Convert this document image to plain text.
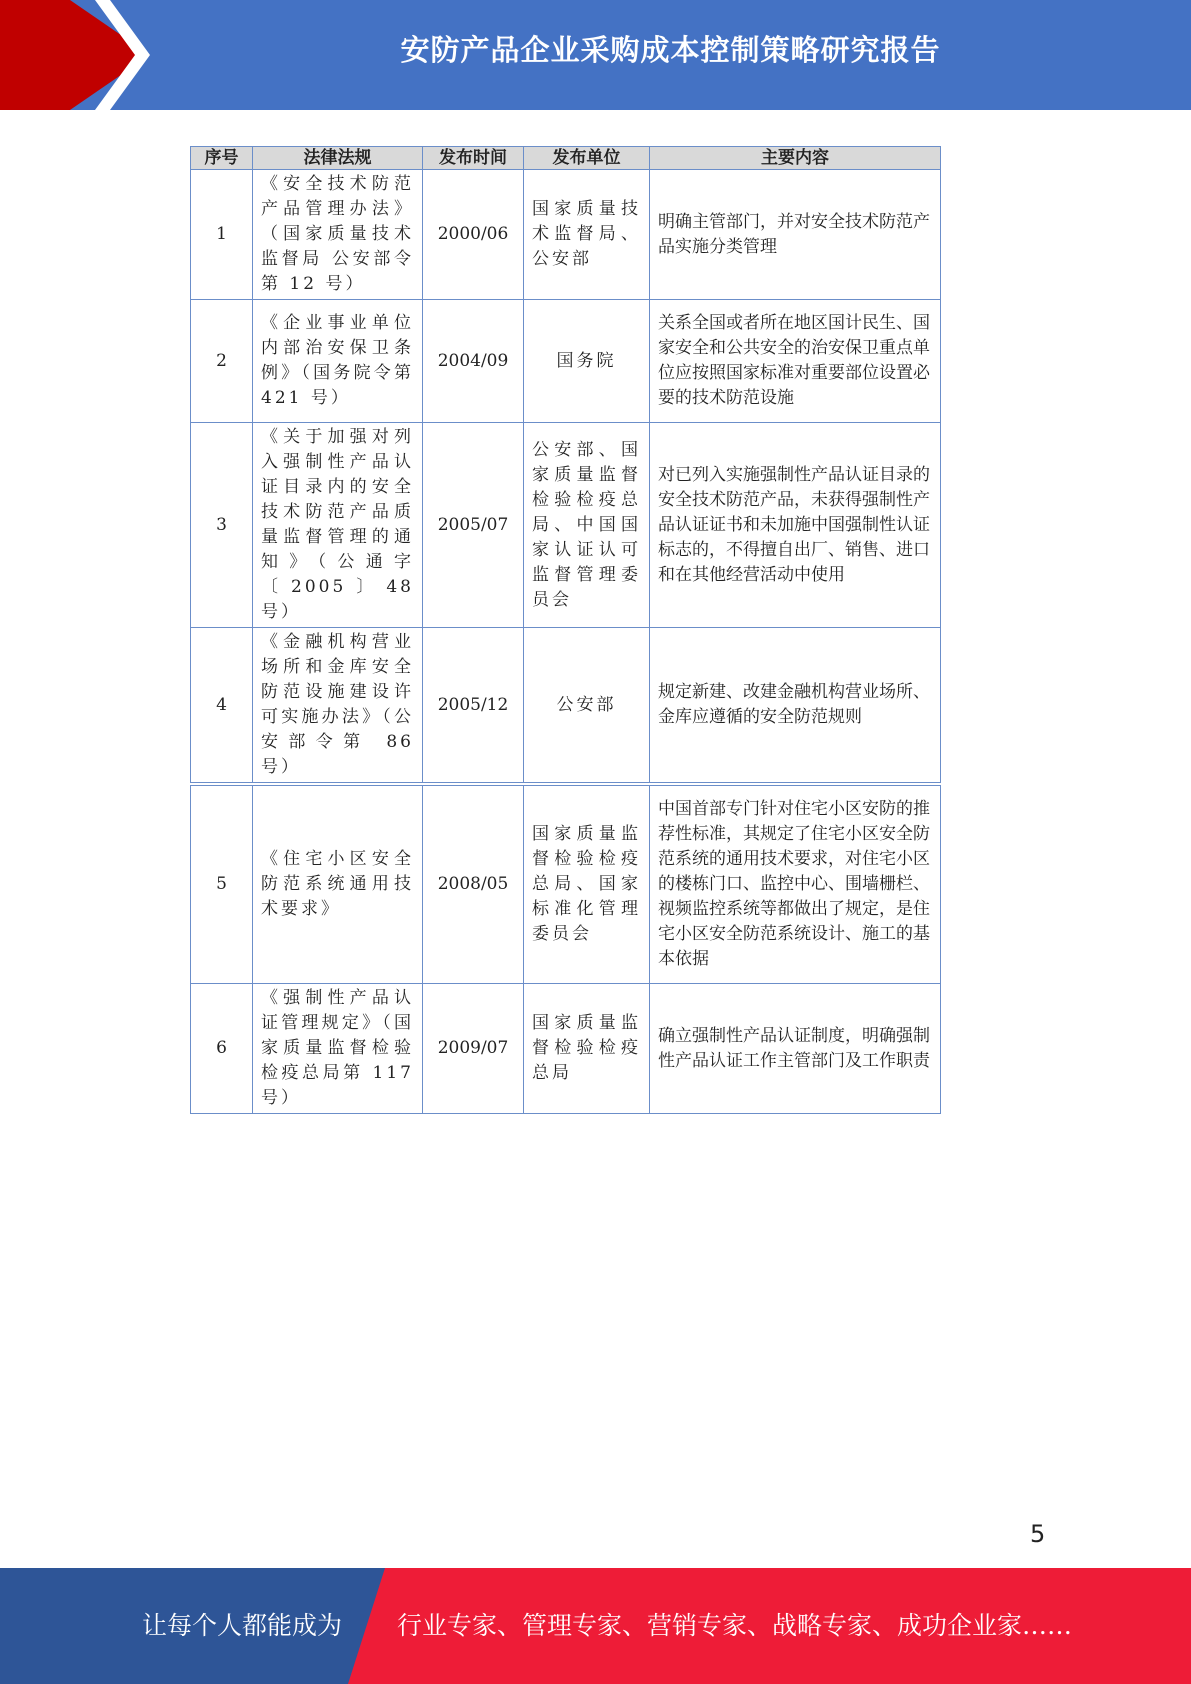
安防产品企业采购成本控制策略研究报告
序号	法律法规	发布时间	发布单位	主要内容
1	《安全技术防范产品管理办法》（国家质量技术监督局 公安部令第 12 号）	2000/06	国家质量技术监督局、公安部	明确主管部门，并对安全技术防范产品实施分类管理
2	《企业事业单位内部治安保卫条例》（国务院令第 421 号）	2004/09	国务院	关系全国或者所在地区国计民生、国家安全和公共安全的治安保卫重点单位应按照国家标准对重要部位设置必要的技术防范设施
3	《关于加强对列入强制性产品认证目录内的安全技术防范产品质量监督管理的通知》（公通字〔2005〕48 号）	2005/07	公安部、国家质量监督检验检疫总局、中国国家认证认可监督管理委员会	对已列入实施强制性产品认证目录的安全技术防范产品，未获得强制性产品认证证书和未加施中国强制性认证标志的，不得擅自出厂、销售、进口和在其他经营活动中使用
4	《金融机构营业场所和金库安全防范设施建设许可实施办法》（公安部令第 86 号）	2005/12	公安部	规定新建、改建金融机构营业场所、金库应遵循的安全防范规则
5	《住宅小区安全防范系统通用技术要求》	2008/05	国家质量监督检验检疫总局、国家标准化管理委员会	中国首部专门针对住宅小区安防的推荐性标准，其规定了住宅小区安全防范系统的通用技术要求，对住宅小区的楼栋门口、监控中心、围墙栅栏、视频监控系统等都做出了规定，是住宅小区安全防范系统设计、施工的基本依据
6	《强制性产品认证管理规定》（国家质量监督检验检疫总局第 117 号）	2009/07	国家质量监督检验检疫总局	确立强制性产品认证制度，明确强制性产品认证工作主管部门及工作职责
5
让每个人都能成为 行业专家、管理专家、营销专家、战略专家、成功企业家……
